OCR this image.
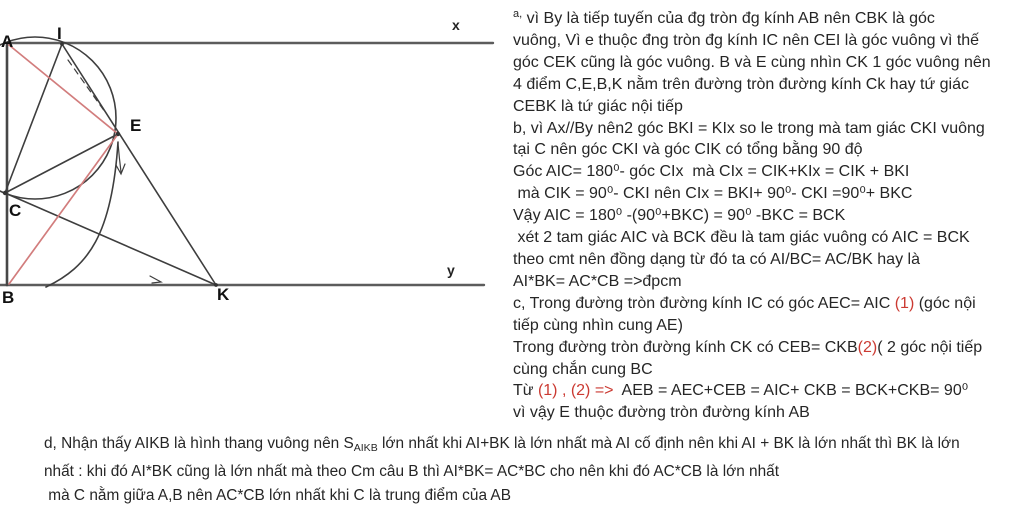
A	I
E
C
B	K
x
y
$^{a,}$ vì By là tiếp tuyến của đg tròn đg kính AB nên CBK là góc
vuông, Vì e thuộc đng tròn đg kính IC nên CEI là góc vuông vì thế
góc CEK cũng là góc vuông. B và E cùng nhìn CK 1 góc vuông nên
4 điểm C,E,B,K nằm trên đường tròn đường kính Ck hay tứ giác
CEBK là tứ giác nội tiếp
b, vì Ax//By nên2 góc BKI = KIx so le trong mà tam giác CKI vuông
tại C nên góc CKI và góc CIK có tổng bằng 90 độ
Góc AIC= 180⁰- góc CIx  mà CIx = CIK+KIx = CIK + BKI
mà CIK = 90⁰- CKI nên CIx = BKI+ 90⁰- CKI =90⁰+ BKC
Vậy AIC = 180⁰ -(90⁰+BKC) = 90⁰ -BKC = BCK
xét 2 tam giác AIC và BCK đều là tam giác vuông có AIC = BCK
theo cmt nên đồng dạng từ đó ta có AI/BC= AC/BK hay là
AI*BK= AC*CB =>đpcm
c, Trong đường tròn đường kính IC có góc AEC= AIC (1) (góc nội
tiếp cùng nhìn cung AE)
Trong đường tròn đường kính CK có CEB= CKB(2)( 2 góc nội tiếp
cùng chắn cung BC
Từ (1) , (2) =>  AEB = AEC+CEB = AIC+ CKB = BCK+CKB= 90⁰
vì vậy E thuộc đường tròn đường kính AB
d, Nhận thấy AIKB là hình thang vuông nên $S_{AIKB}$ lớn nhất khi AI+BK là lớn nhất mà AI cố định nên khi AI + BK là lớn nhất thì BK là lớn
nhất : khi đó AI*BK cũng là lớn nhất mà theo Cm câu B thì AI*BK= AC*BC cho nên khi đó AC*CB là lớn nhất
mà C nằm giữa A,B nên AC*CB lớn nhất khi C là trung điểm của AB
